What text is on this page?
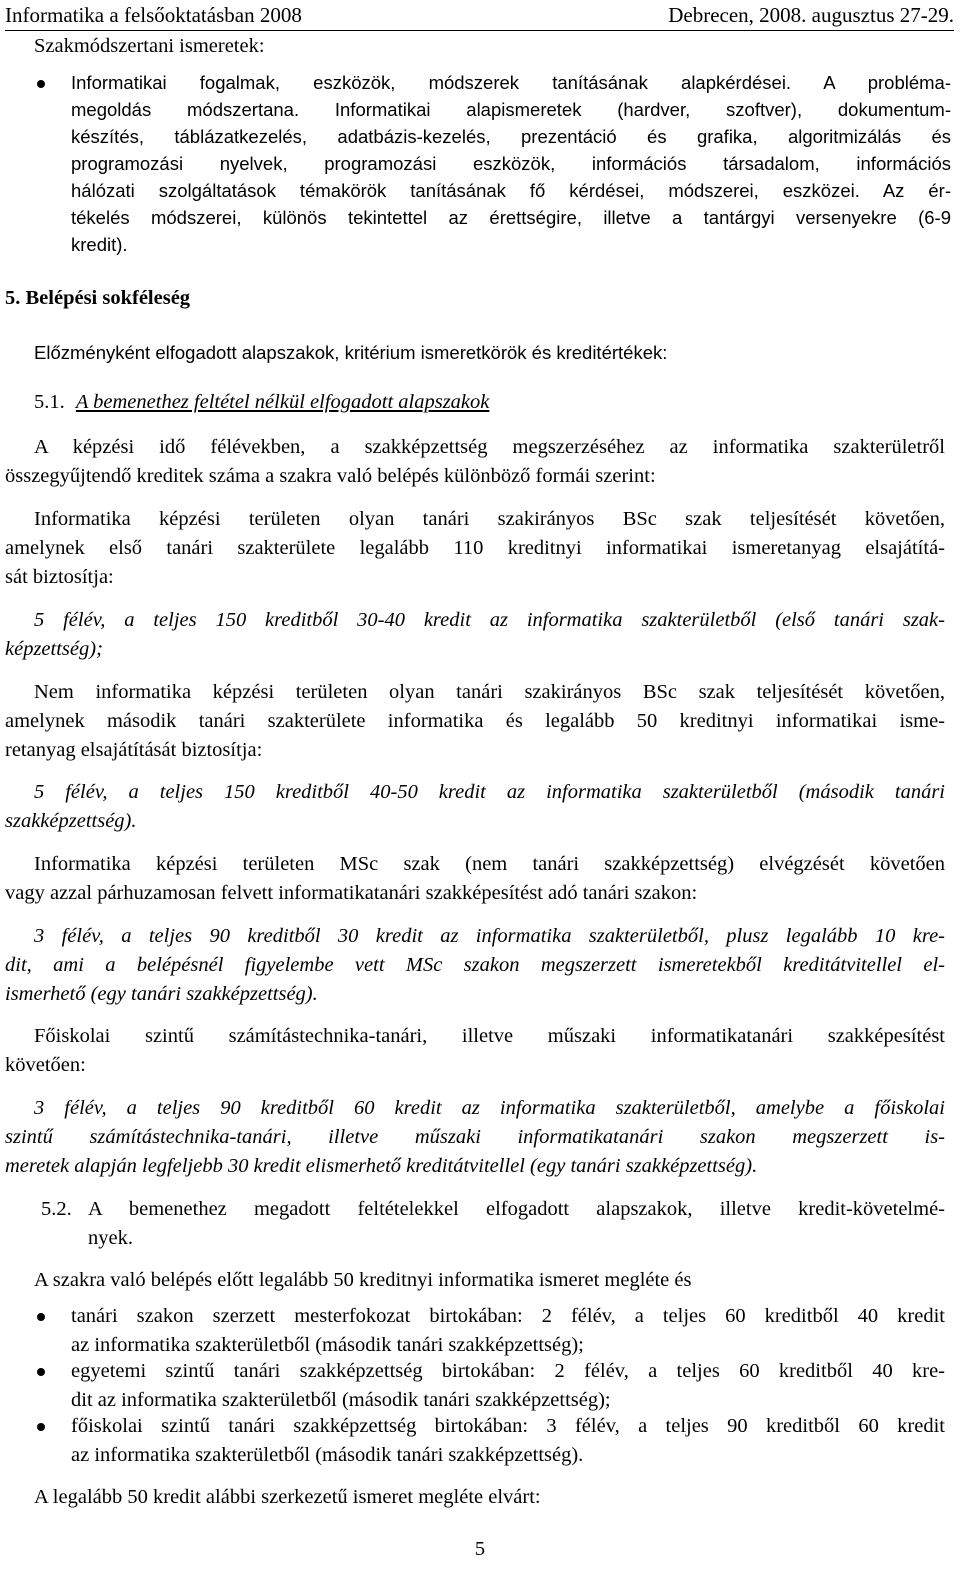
Informatika a felsőoktatásban 2008	Debrecen, 2008. augusztus 27-29.
Szakmódszertani ismeretek:
Informatikai fogalmak, eszközök, módszerek tanításának alapkérdései. A probléma-
megoldás módszertana. Informatikai alapismeretek (hardver, szoftver), dokumentum-
készítés, táblázatkezelés, adatbázis-kezelés, prezentáció és grafika, algoritmizálás és
programozási nyelvek, programozási eszközök, információs társadalom, információs
hálózati szolgáltatások témakörök tanításának fő kérdései, módszerei, eszközei. Az ér-
tékelés módszerei, különös tekintettel az érettségire, illetve a tantárgyi versenyekre (6-9
kredit).
5. Belépési sokféleség
Előzményként elfogadott alapszakok, kritérium ismeretkörök és kreditértékek:
5.1. A bemenethez feltétel nélkül elfogadott alapszakok
A képzési idő félévekben, a szakképzettség megszerzéséhez az informatika szakterületről
összegyűjtendő kreditek száma a szakra való belépés különböző formái szerint:
Informatika képzési területen olyan tanári szakirányos BSc szak teljesítését követően,
amelynek első tanári szakterülete legalább 110 kreditnyi informatikai ismeretanyag elsajátítá-
sát biztosítja:
5 félév, a teljes 150 kreditből 30-40 kredit az informatika szakterületből (első tanári szak-
képzettség);
Nem informatika képzési területen olyan tanári szakirányos BSc szak teljesítését követően,
amelynek második tanári szakterülete informatika és legalább 50 kreditnyi informatikai isme-
retanyag elsajátítását biztosítja:
5 félév, a teljes 150 kreditből 40-50 kredit az informatika szakterületből (második tanári
szakképzettség).
Informatika képzési területen MSc szak (nem tanári szakképzettség) elvégzését követően
vagy azzal párhuzamosan felvett informatikatanári szakképesítést adó tanári szakon:
3 félév, a teljes 90 kreditből 30 kredit az informatika szakterületből, plusz legalább 10 kre-
dit, ami a belépésnél figyelembe vett MSc szakon megszerzett ismeretekből kreditátvitellel el-
ismerhető (egy tanári szakképzettség).
Főiskolai szintű számítástechnika-tanári, illetve műszaki informatikatanári szakképesítést
követően:
3 félév, a teljes 90 kreditből 60 kredit az informatika szakterületből, amelybe a főiskolai
szintű számítástechnika-tanári, illetve műszaki informatikatanári szakon megszerzett is-
meretek alapján legfeljebb 30 kredit elismerhető kreditátvitellel (egy tanári szakképzettség).
5.2. A bemenethez megadott feltételekkel elfogadott alapszakok, illetve kredit-követelmé-
nyek.
A szakra való belépés előtt legalább 50 kreditnyi informatika ismeret megléte és
tanári szakon szerzett mesterfokozat birtokában: 2 félév, a teljes 60 kreditből 40 kredit
az informatika szakterületből (második tanári szakképzettség);
egyetemi szintű tanári szakképzettség birtokában: 2 félév, a teljes 60 kreditből 40 kre-
dit az informatika szakterületből (második tanári szakképzettség);
főiskolai szintű tanári szakképzettség birtokában: 3 félév, a teljes 90 kreditből 60 kredit
az informatika szakterületből (második tanári szakképzettség).
A legalább 50 kredit alábbi szerkezetű ismeret megléte elvárt:
5
